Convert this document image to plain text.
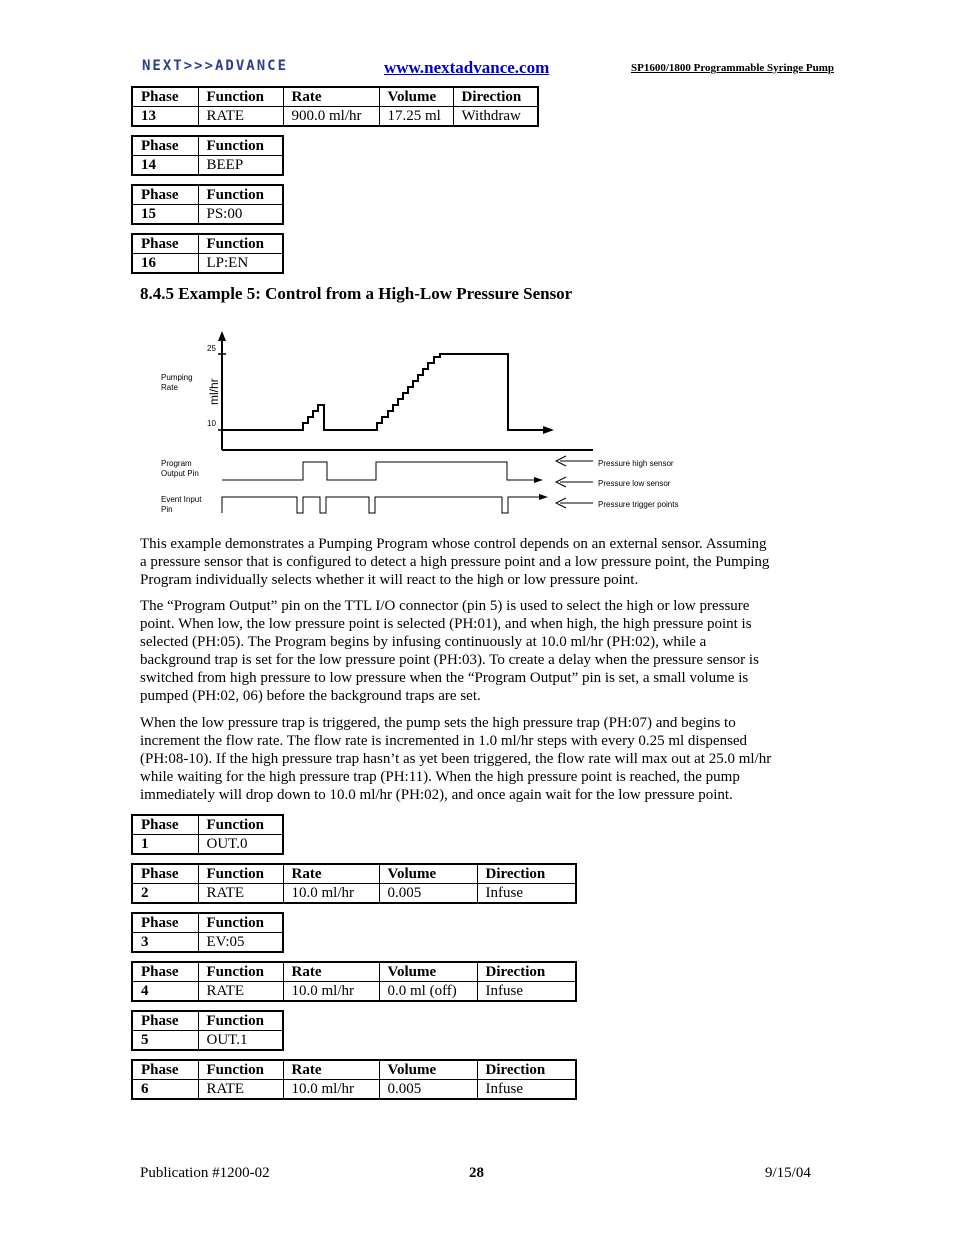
NEXT>>>ADVANCE	www.nextadvance.com	SP1600/1800 Programmable Syringe Pump
Phase	Function	Rate	Volume	Direction
13	RATE	900.0 ml/hr	17.25 ml	Withdraw
Phase	Function
14	BEEP
Phase	Function
15	PS:00
Phase	Function
16	LP:EN
8.4.5 Example 5: Control from a High-Low Pressure Sensor
Pumping
Rate
25
10
ml/hr
Program
Output Pin
Event Input
Pin
Pressure high sensor
Pressure low sensor
Pressure trigger points
This example demonstrates a Pumping Program whose control depends on an external sensor. Assuming
a pressure sensor that is configured to detect a high pressure point and a low pressure point, the Pumping
Program individually selects whether it will react to the high or low pressure point.
The “Program Output” pin on the TTL I/O connector (pin 5) is used to select the high or low pressure
point. When low, the low pressure point is selected (PH:01), and when high, the high pressure point is
selected (PH:05). The Program begins by infusing continuously at 10.0 ml/hr (PH:02), while a
background trap is set for the low pressure point (PH:03). To create a delay when the pressure sensor is
switched from high pressure to low pressure when the “Program Output” pin is set, a small volume is
pumped (PH:02, 06) before the background traps are set.
When the low pressure trap is triggered, the pump sets the high pressure trap (PH:07) and begins to
increment the flow rate. The flow rate is incremented in 1.0 ml/hr steps with every 0.25 ml dispensed
(PH:08-10). If the high pressure trap hasn’t as yet been triggered, the flow rate will max out at 25.0 ml/hr
while waiting for the high pressure trap (PH:11). When the high pressure point is reached, the pump
immediately will drop down to 10.0 ml/hr (PH:02), and once again wait for the low pressure point.
Phase	Function
1	OUT.0
Phase	Function	Rate	Volume	Direction
2	RATE	10.0 ml/hr	0.005	Infuse
Phase	Function
3	EV:05
Phase	Function	Rate	Volume	Direction
4	RATE	10.0 ml/hr	0.0 ml (off)	Infuse
Phase	Function
5	OUT.1
Phase	Function	Rate	Volume	Direction
6	RATE	10.0 ml/hr	0.005	Infuse
Publication #1200-02	28	9/15/04
